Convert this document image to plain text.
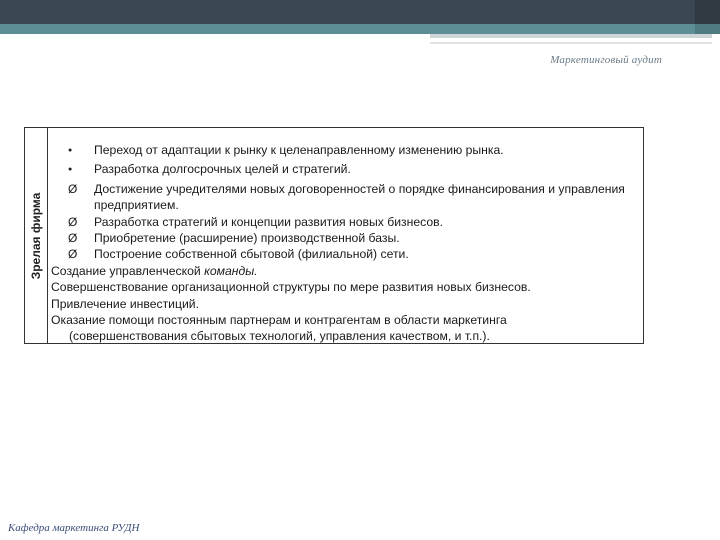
Маркетинговый аудит
Зрелая фирма
●
Переход от адаптации к рынку к целенаправленному изменению рынка.
●
Разработка долгосрочных целей и стратегий.
Ø
Достижение учредителями новых договоренностей о порядке финансирования и управления предприятием.
Ø
Разработка стратегий и концепции развития новых бизнесов.
Ø
Приобретение (расширение) производственной базы.
Ø
Построение собственной сбытовой (филиальной) сети.
Создание управленческой команды.
Совершенствование организационной структуры по мере развития новых бизнесов.
Привлечение инвестиций.
Оказание помощи постоянным партнерам и контрагентам в области маркетинга
(совершенствования сбытовых технологий, управления качеством, и т.п.).
Кафедра маркетинга РУДН
